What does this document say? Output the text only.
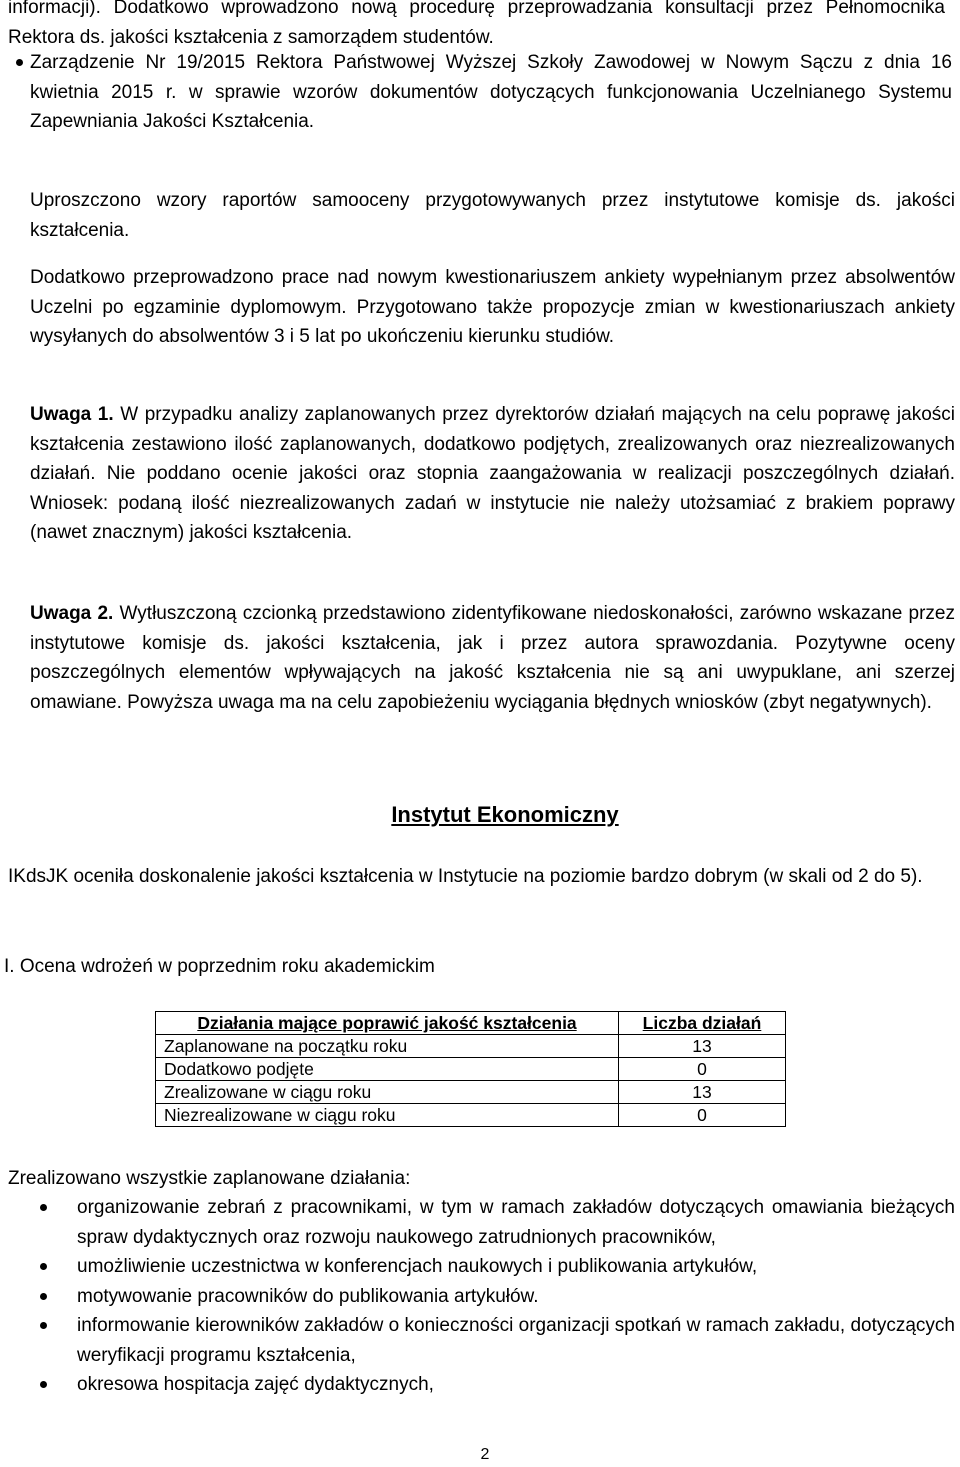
informacji). Dodatkowo wprowadzono nową procedurę przeprowadzania konsultacji przez Pełnomocnika Rektora ds. jakości kształcenia z samorządem studentów.

Zarządzenie Nr 19/2015 Rektora Państwowej Wyższej Szkoły Zawodowej w Nowym Sączu z dnia 16 kwietnia 2015 r. w sprawie wzorów dokumentów dotyczących funkcjonowania Uczelnianego Systemu Zapewniania Jakości Kształcenia.

Uproszczono wzory raportów samooceny przygotowywanych przez instytutowe komisje ds. jakości kształcenia.

Dodatkowo przeprowadzono prace nad nowym kwestionariuszem ankiety wypełnianym przez absolwentów Uczelni po egzaminie dyplomowym. Przygotowano także propozycje zmian w kwestionariuszach ankiety wysyłanych do absolwentów 3 i 5 lat po ukończeniu kierunku studiów.

Uwaga 1. W przypadku analizy zaplanowanych przez dyrektorów działań mających na celu poprawę jakości kształcenia zestawiono ilość zaplanowanych, dodatkowo podjętych, zrealizowanych oraz niezrealizowanych działań. Nie poddano ocenie jakości oraz stopnia zaangażowania w realizacji poszczególnych działań. Wniosek: podaną ilość niezrealizowanych zadań w instytucie nie należy utożsamiać z brakiem poprawy (nawet znacznym) jakości kształcenia.

Uwaga 2. Wytłuszczoną czcionką przedstawiono zidentyfikowane niedoskonałości, zarówno wskazane przez instytutowe komisje ds. jakości kształcenia, jak i przez autora sprawozdania. Pozytywne oceny poszczególnych elementów wpływających na jakość kształcenia nie są ani uwypuklane, ani szerzej omawiane. Powyższa uwaga ma na celu zapobieżeniu wyciągania błędnych wniosków (zbyt negatywnych).

Instytut Ekonomiczny

IKdsJK oceniła doskonalenie jakości kształcenia w Instytucie na poziomie bardzo dobrym (w skali od 2 do 5).

I. Ocena wdrożeń w poprzednim roku akademickim
Działania mające poprawić jakość kształcenia	Liczba działań
Zaplanowane na początku roku	13
Dodatkowo podjęte	0
Zrealizowane w ciągu roku	13
Niezrealizowane w ciągu roku	0

Zrealizowano wszystkie zaplanowane działania:

organizowanie zebrań z pracownikami, w tym w ramach zakładów dotyczących omawiania bieżących spraw dydaktycznych oraz rozwoju naukowego zatrudnionych pracowników,

umożliwienie uczestnictwa w konferencjach naukowych i publikowania artykułów,

motywowanie pracowników do publikowania artykułów.

informowanie kierowników zakładów o konieczności organizacji spotkań w ramach zakładu, dotyczących weryfikacji programu kształcenia,

okresowa hospitacja zajęć dydaktycznych,

2
